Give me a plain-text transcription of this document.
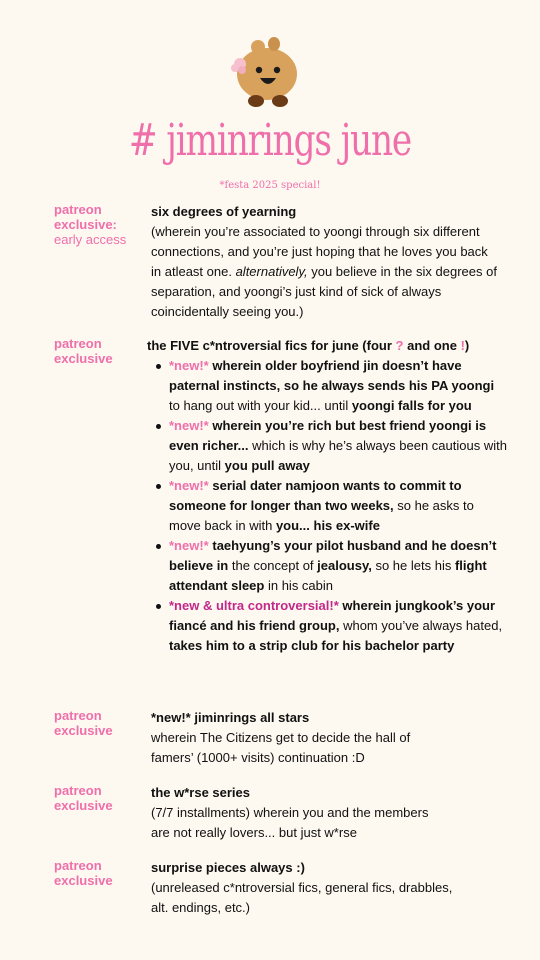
# jiminrings june
*festa 2025 special!
patreon exclusive:
early access

six degrees of yearning

(wherein you’re associated to yoongi through six different connections, and you’re just hoping that he loves you back in atleast one. alternatively, you believe in the six degrees of separation, and yoongi’s just kind of sick of always coincidentally seeing you.)

patreon exclusive

the FIVE c*ntroversial fics for june (four ? and one !)

*new!* wherein older boyfriend jin doesn’t have paternal instincts, so he always sends his PA yoongi to hang out with your kid... until yoongi falls for you
*new!* wherein you’re rich but best friend yoongi is even richer... which is why he’s always been cautious with you, until you pull away
*new!* serial dater namjoon wants to commit to someone for longer than two weeks, so he asks to move back in with you... his ex-wife
*new!* taehyung’s your pilot husband and he doesn’t believe in the concept of jealousy, so he lets his flight attendant sleep in his cabin
*new & ultra controversial!* wherein jungkook’s your fiancé and his friend group, whom you’ve always hated, takes him to a strip club for his bachelor party
patreon exclusive

*new!* jiminrings all stars

wherein The Citizens get to decide the hall of

famers’ (1000+ visits) continuation :D

patreon exclusive

the w*rse series

(7/7 installments) wherein you and the members

are not really lovers... but just w*rse

patreon exclusive

surprise pieces always :)

(unreleased c*ntroversial fics, general fics, drabbles,

alt. endings, etc.)
